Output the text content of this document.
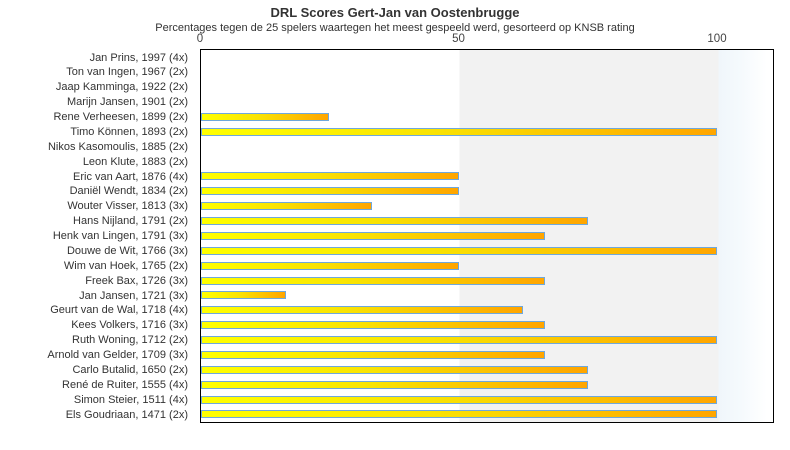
DRL Scores Gert-Jan van Oostenbrugge
Percentages tegen de 25 spelers waartegen het meest gespeeld werd, gesorteerd op KNSB rating
0	50	100
Jan Prins, 1997 (4x)
Ton van Ingen, 1967 (2x)
Jaap Kamminga, 1922 (2x)
Marijn Jansen, 1901 (2x)
Rene Verheesen, 1899 (2x)
Timo Können, 1893 (2x)
Nikos Kasomoulis, 1885 (2x)
Leon Klute, 1883 (2x)
Eric van Aart, 1876 (4x)
Daniël Wendt, 1834 (2x)
Wouter Visser, 1813 (3x)
Hans Nijland, 1791 (2x)
Henk van Lingen, 1791 (3x)
Douwe de Wit, 1766 (3x)
Wim van Hoek, 1765 (2x)
Freek Bax, 1726 (3x)
Jan Jansen, 1721 (3x)
Geurt van de Wal, 1718 (4x)
Kees Volkers, 1716 (3x)
Ruth Woning, 1712 (2x)
Arnold van Gelder, 1709 (3x)
Carlo Butalid, 1650 (2x)
René de Ruiter, 1555 (4x)
Simon Steier, 1511 (4x)
Els Goudriaan, 1471 (2x)
